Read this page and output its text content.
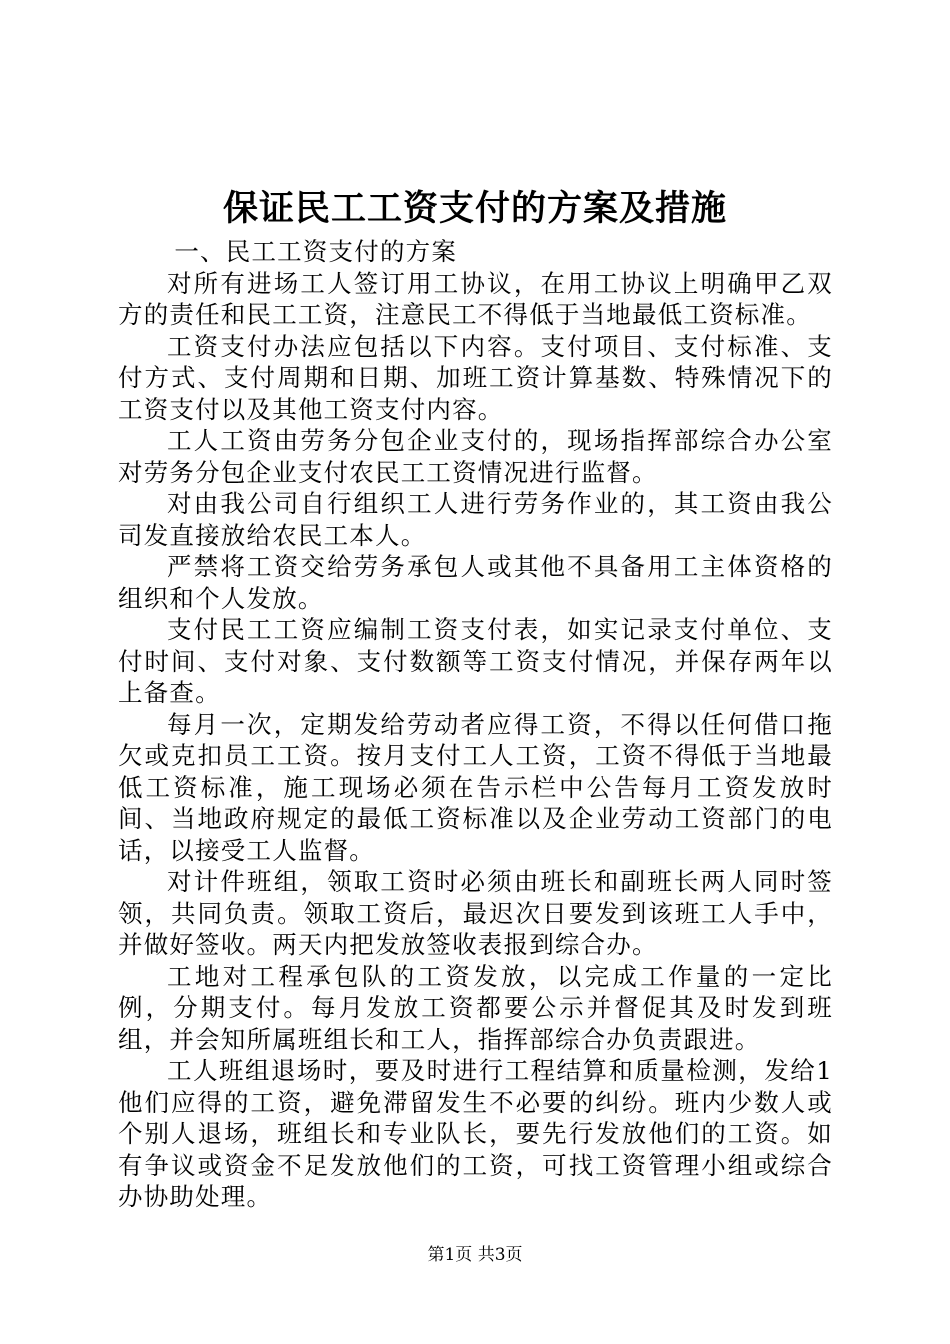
保证民工工资支付的方案及措施

一、民工工资支付的方案

对所有进场工人签订用工协议，在用工协议上明确甲乙双方的责任和民工工资，注意民工不得低于当地最低工资标准。

工资支付办法应包括以下内容。支付项目、支付标准、支付方式、支付周期和日期、加班工资计算基数、特殊情况下的工资支付以及其他工资支付内容。

工人工资由劳务分包企业支付的，现场指挥部综合办公室对劳务分包企业支付农民工工资情况进行监督。

对由我公司自行组织工人进行劳务作业的，其工资由我公司发直接放给农民工本人。

严禁将工资交给劳务承包人或其他不具备用工主体资格的组织和个人发放。

支付民工工资应编制工资支付表，如实记录支付单位、支付时间、支付对象、支付数额等工资支付情况，并保存两年以上备查。

每月一次，定期发给劳动者应得工资，不得以任何借口拖欠或克扣员工工资。按月支付工人工资，工资不得低于当地最低工资标准，施工现场必须在告示栏中公告每月工资发放时间、当地政府规定的最低工资标准以及企业劳动工资部门的电话，以接受工人监督。

对计件班组，领取工资时必须由班长和副班长两人同时签领，共同负责。领取工资后，最迟次日要发到该班工人手中，并做好签收。两天内把发放签收表报到综合办。

工地对工程承包队的工资发放，以完成工作量的一定比例，分期支付。每月发放工资都要公示并督促其及时发到班组，并会知所属班组长和工人，指挥部综合办负责跟进。

工人班组退场时，要及时进行工程结算和质量检测，发给1他们应得的工资，避免滞留发生不必要的纠纷。班内少数人或个别人退场，班组长和专业队长，要先行发放他们的工资。如有争议或资金不足发放他们的工资，可找工资管理小组或综合办协助处理。

第1页 共3页
